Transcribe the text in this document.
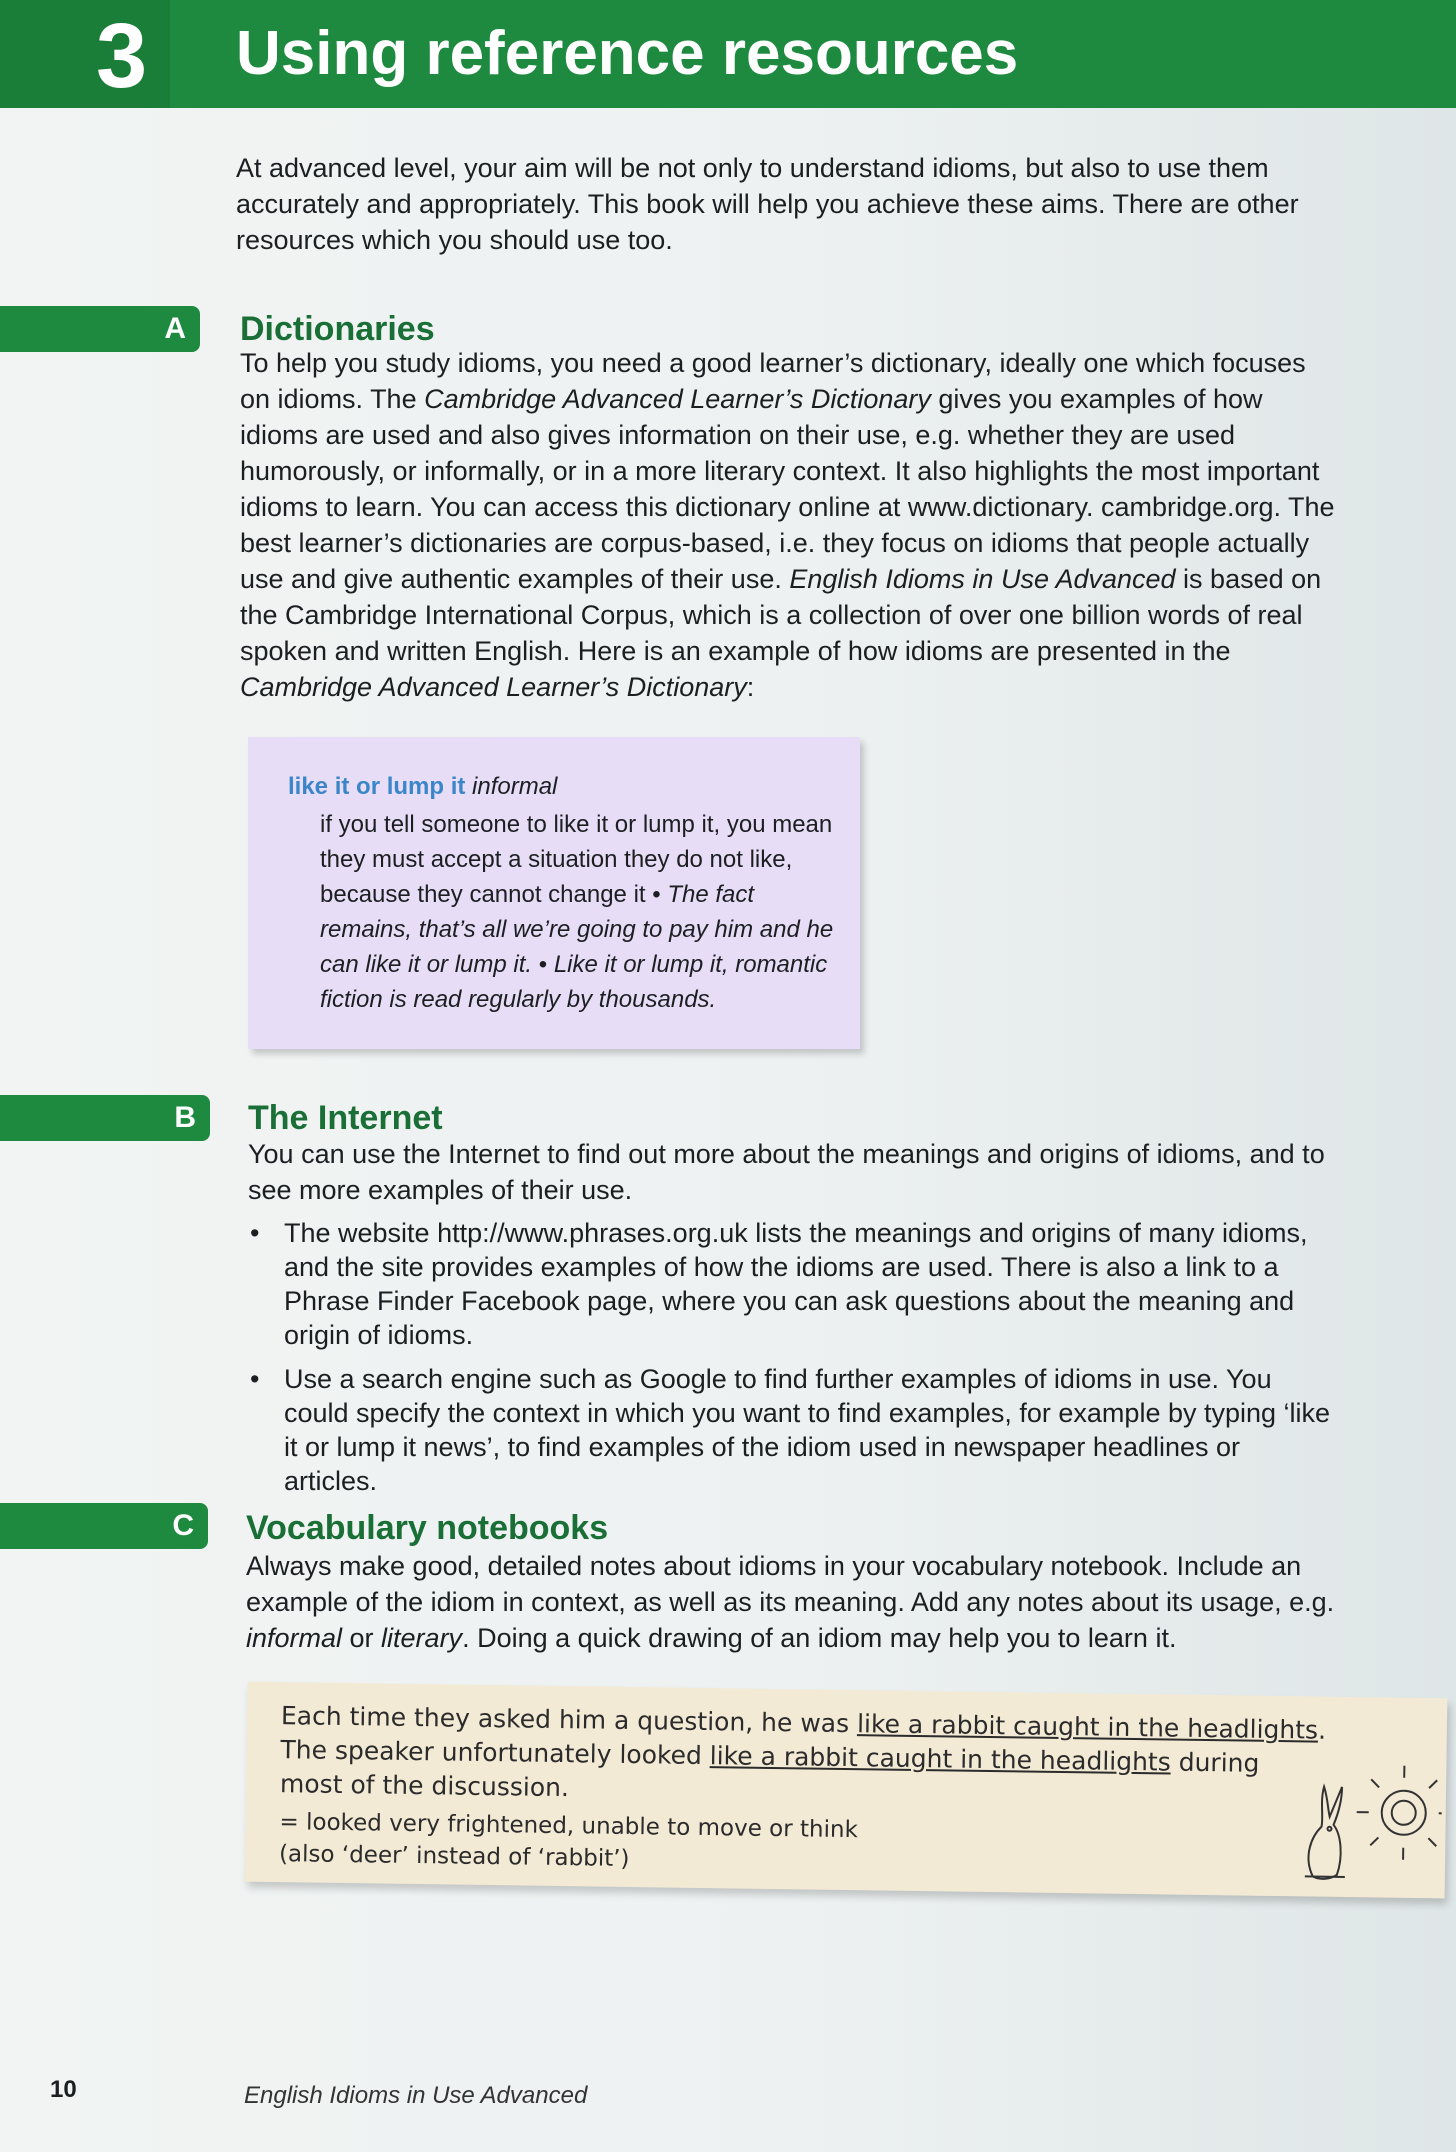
3 Using reference resources

At advanced level, your aim will be not only to understand idioms, but also to use them accurately and appropriately. This book will help you achieve these aims. There are other resources which you should use too.

A Dictionaries

To help you study idioms, you need a good learner’s dictionary, ideally one which focuses on idioms. The Cambridge Advanced Learner’s Dictionary gives you examples of how idioms are used and also gives information on their use, e.g. whether they are used humorously, or informally, or in a more literary context. It also highlights the most important idioms to learn. You can access this dictionary online at www.dictionary. cambridge.org. The best learner’s dictionaries are corpus-based, i.e. they focus on idioms that people actually use and give authentic examples of their use. English Idioms in Use Advanced is based on the Cambridge International Corpus, which is a collection of over one billion words of real spoken and written English. Here is an example of how idioms are presented in the Cambridge Advanced Learner’s Dictionary:

like it or lump it informal
if you tell someone to like it or lump it, you mean they must accept a situation they do not like, because they cannot change it • The fact remains, that’s all we’re going to pay him and he can like it or lump it. • Like it or lump it, romantic fiction is read regularly by thousands.
B The Internet

You can use the Internet to find out more about the meanings and origins of idioms, and to see more examples of their use.

• The website http://www.phrases.org.uk lists the meanings and origins of many idioms, and the site provides examples of how the idioms are used. There is also a link to a Phrase Finder Facebook page, where you can ask questions about the meaning and origin of idioms.
• Use a search engine such as Google to find further examples of idioms in use. You could specify the context in which you want to find examples, for example by typing ‘like it or lump it news’, to find examples of the idiom used in newspaper headlines or articles.
C Vocabulary notebooks

Always make good, detailed notes about idioms in your vocabulary notebook. Include an example of the idiom in context, as well as its meaning. Add any notes about its usage, e.g. informal or literary. Doing a quick drawing of an idiom may help you to learn it.

Each time they asked him a question, he was like a rabbit caught in the headlights.
The speaker unfortunately looked like a rabbit caught in the headlights during
most of the discussion.
= looked very frightened, unable to move or think
(also ‘deer’ instead of ‘rabbit’)
10	English Idioms in Use Advanced
